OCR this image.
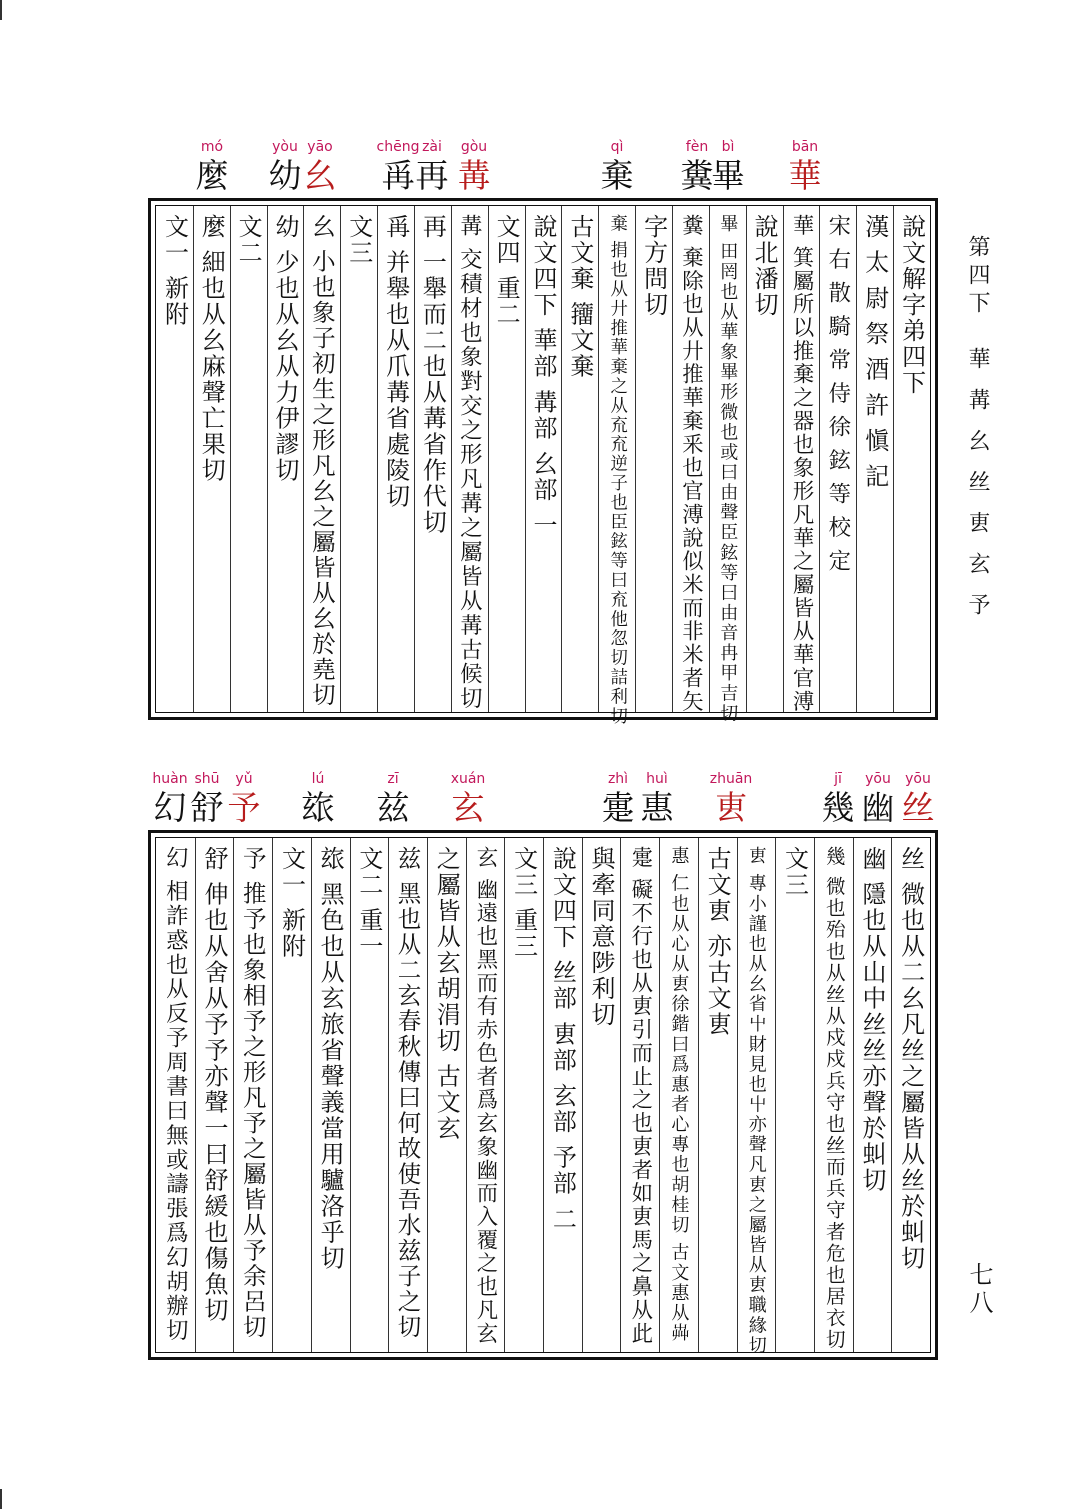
bān
華
bì
畢
fèn
糞
qì
棄
gòu
冓
zài
再
chēng
爯
yāo
幺
yòu
幼
mó
麼
說文解字弟四下
漢 太 尉 祭 酒 許 愼 記
宋 右 散 騎 常 侍 徐 鉉 等 校 定
華 箕屬所以推棄之器也象形凡華之屬皆从華官溥
說北潘切
畢 田罔也从華象畢形微也或曰由聲臣鉉等曰由音冉甲吉切
糞 棄除也从廾推華棄釆也官溥說似米而非米者矢
字方問切
棄 捐也从廾推華棄之从㐬㐬逆子也臣鉉等曰㐬他忽切詰利切
古文棄 籒文棄
說文四下 華部 冓部 幺部 一
文四 重二
冓 交積材也象對交之形凡冓之屬皆从冓古候切
再 一舉而二也从冓省作代切
爯 并舉也从爪冓省處陵切
文三
幺 小也象子初生之形凡幺之屬皆从幺於堯切
幼 少也从幺从力伊謬切
文二
麼 細也从幺麻聲亡果切
文一 新附
yōu
丝
yōu
幽
jī
幾
zhuān
叀
huì
惠
zhì
疐
xuán
玄
zī
兹
lú
玈
yǔ
予
shū
舒
huàn
幻
丝 微也从二幺凡丝之屬皆从丝於虯切
幽 隱也从山中丝丝亦聲於虯切
幾 微也殆也从丝从戍戍兵守也丝而兵守者危也居衣切
文三
叀 專小謹也从幺省屮財見也屮亦聲凡叀之屬皆从叀職緣切
古文叀 亦古文叀
惠 仁也从心从叀徐鍇曰爲惠者心專也胡桂切 古文惠从芔
疐 礙不行也从叀引而止之也叀者如叀馬之鼻从此
與牽同意陟利切
說文四下 丝部 叀部 玄部 予部 二
文三 重三
玄 幽遠也黑而有赤色者爲玄象幽而入覆之也凡玄
之屬皆从玄胡涓切 古文玄
兹 黑也从二玄春秋傳曰何故使吾水兹子之切
文二 重一
玈 黑色也从玄旅省聲義當用驢洛乎切
文一 新附
予 推予也象相予之形凡予之屬皆从予余呂切
舒 伸也从舍从予予亦聲一曰舒緩也傷魚切
幻 相詐惑也从反予周書曰無或譸張爲幻胡辦切
第四下　華 冓 幺 丝 叀 玄 予
七八
